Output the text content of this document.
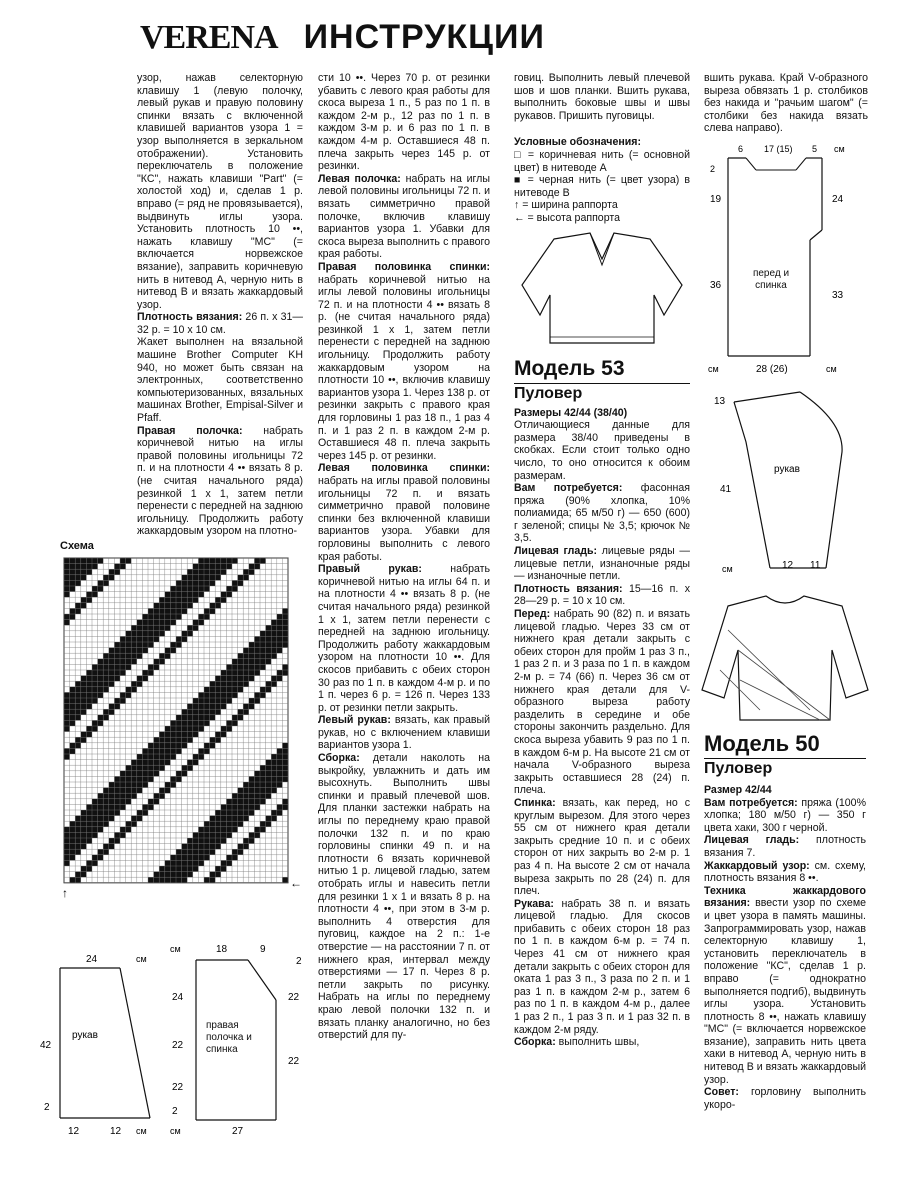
VERENA ИНСТРУКЦИИ

узор, нажав селекторную клавишу 1 (левую полочку, левый рукав и правую половину спинки вязать с включенной клавишей вариантов узора 1 = узор выполняется в зеркальном отображении). Установить переключатель в положение "КС", нажать клавиши "Part" (= холостой ход) и, сделав 1 р. вправо (= ряд не провязывается), выдвинуть иглы узора. Установить плотность 10 ••, нажать клавишу "МС" (= включается норвежское вязание), заправить коричневую нить в нитевод А, черную нить в нитевод В и вязать жаккардовый узор.

Плотность вязания: 26 п. х 31—32 р. = 10 х 10 см.

Жакет выполнен на вязальной машине Brother Computer KH 940, но может быть связан на электронных, соответственно компьютеризованных, вязальных машинах Brother, Empisal-Silver и Pfaff.

Правая полочка: набрать коричневой нитью на иглы правой половины игольницы 72 п. и на плотности 4 •• вязать 8 р. (не считая начального ряда) резинкой 1 х 1, затем петли перенести с передней на заднюю игольницу. Продолжить работу жаккардовым узором на плотно-

Схема
↑
←
24	см
42
2
12	12 см
рукав
см	18	9
2
24
22
22
2
22
22
см	27
правая полочка и спинка

сти 10 ••. Через 70 р. от резинки убавить с левого края работы для скоса выреза 1 п., 5 раз по 1 п. в каждом 2-м р., 12 раз по 1 п. в каждом 3-м р. и 6 раз по 1 п. в каждом 4-м р. Оставшиеся 48 п. плеча закрыть через 145 р. от резинки.

Левая полочка: набрать на иглы левой половины игольницы 72 п. и вязать симметрично правой полочке, включив клавишу вариантов узора 1. Убавки для скоса выреза выполнить с правого края работы.

Правая половинка спинки: набрать коричневой нитью на иглы левой половины игольницы 72 п. и на плотности 4 •• вязать 8 р. (не считая начального ряда) резинкой 1 х 1, затем петли перенести с передней на заднюю игольницу. Продолжить работу жаккардовым узором на плотности 10 ••, включив клавишу вариантов узора 1. Через 138 р. от резинки закрыть с правого края для горловины 1 раз 18 п., 1 раз 4 п. и 1 раз 2 п. в каждом 2-м р. Оставшиеся 48 п. плеча закрыть через 145 р. от резинки.

Левая половинка спинки: набрать на иглы правой половины игольницы 72 п. и вязать симметрично правой половине спинки без включенной клавиши вариантов узора. Убавки для горловины выполнить с левого края работы.

Правый рукав:	набрать коричневой нитью на иглы 64 п. и на плотности 4 •• вязать 8 р. (не считая начального ряда) резинкой 1 х 1, затем петли перенести с передней на заднюю игольницу. Продолжить работу жаккардовым узором на плотности 10 ••. Для скосов прибавить с обеих сторон 30 раз по 1 п. в каждом 4-м р. и по 1 п. через 6 р. = 126 п. Через 133 р. от резинки петли закрыть.

Левый рукав: вязать, как правый рукав, но с включением клавиши вариантов узора 1.

Сборка: детали наколоть на выкройку, увлажнить и дать им высохнуть. Выполнить швы спинки и правый плечевой шов. Для планки застежки набрать на иглы по переднему краю правой полочки 132 п. и по краю горловины спинки 49 п. и на плотности 6 вязать коричневой нитью 1 р. лицевой гладью, затем отобрать иглы и навесить петли для резинки 1 х 1 и вязать 8 р. на плотности 4 ••, при этом в 3-м р. выполнить 4 отверстия для пуговиц, каждое на 2 п.: 1-е отверстие — на расстоянии 7 п. от нижнего края, интервал между отверстиями — 17 п. Через 8 р. петли закрыть по рисунку. Набрать на иглы по переднему краю левой полочки 132 п. и вязать планку аналогично, но без отверстий для пу-

говиц. Выполнить левый плечевой шов и шов планки. Вшить рукава, выполнить боковые швы и швы рукавов. Пришить пуговицы.

Условные обозначения:

□ = коричневая нить (= основной цвет) в нитеводе А

■ = черная нить (= цвет узора) в нитеводе В

↑ = ширина раппорта

← = высота раппорта

Модель 53
Пуловер

Размеры 42/44 (38/40)

Отличающиеся данные для размера 38/40 приведены в скобках. Если стоит только одно число, то оно относится к обоим размерам.

Вам потребуется: фасонная пряжа (90% хлопка, 10% полиамида; 65 м/50 г) — 650 (600) г зеленой; спицы № 3,5; крючок № 3,5.

Лицевая гладь: лицевые ряды — лицевые петли, изнаночные ряды — изнаночные петли.

Плотность вязания: 15—16 п. х 28—29 р. = 10 х 10 см.

Перед: набрать 90 (82) п. и вязать лицевой гладью. Через 33 см от нижнего края детали закрыть с обеих сторон для пройм 1 раз 3 п., 1 раз 2 п. и 3 раза по 1 п. в каждом 2-м р. = 74 (66) п. Через 36 см от нижнего края детали для V-образного выреза работу разделить в середине и обе стороны закончить раздельно. Для скоса выреза убавить 9 раз по 1 п. в каждом 6-м р. На высоте 21 см от начала V-образного выреза закрыть оставшиеся 28 (24) п. плеча.

Спинка: вязать, как перед, но с круглым вырезом. Для этого через 55 см от нижнего края детали закрыть средние 10 п. и с обеих сторон от них закрыть во 2-м р. 1 раз 4 п. На высоте 2 см от начала выреза закрыть по 28 (24) п. для плеч.

Рукава: набрать 38 п. и вязать лицевой гладью. Для скосов прибавить с обеих сторон 18 раз по 1 п. в каждом 6-м р. = 74 п. Через 41 см от нижнего края детали закрыть с обеих сторон для оката 1 раз 3 п., 3 раза по 2 п. и 1 раз 1 п. в каждом 2-м р., затем 6 раз по 1 п. в каждом 4-м р., далее 1 раз 2 п., 1 раз 3 п. и 1 раз 32 п. в каждом 2-м ряду.

Сборка: выполнить швы,

вшить рукава. Край V-образного выреза обвязать 1 р. столбиков без накида и "рачьим шагом" (= столбики без накида вязать слева направо).

6 17 (15) 5 см
2
19
36
24
33
см	28 (26)	см
перед и спинка
13
41
см	12 11
рукав
Модель 50
Пуловер

Размер 42/44

Вам потребуется: пряжа (100% хлопка; 180 м/50 г) — 350 г цвета хаки, 300 г черной.

Лицевая гладь: плотность вязания 7.

Жаккардовый узор: см. схему, плотность вязания 8 ••.

Техника жаккардового вязания: ввести узор по схеме и цвет узора в память машины. Запрограммировать узор, нажав селекторную клавишу 1, установить переключатель в положение "КС", сделав 1 р. вправо (= однократно выполняется подгиб), выдвинуть иглы узора. Установить плотность 8 ••, нажать клавишу "МС" (= включается норвежское вязание), заправить нить цвета хаки в нитевод А, черную нить в нитевод В и вязать жаккардовый узор.

Совет: горловину выполнить укоро-
